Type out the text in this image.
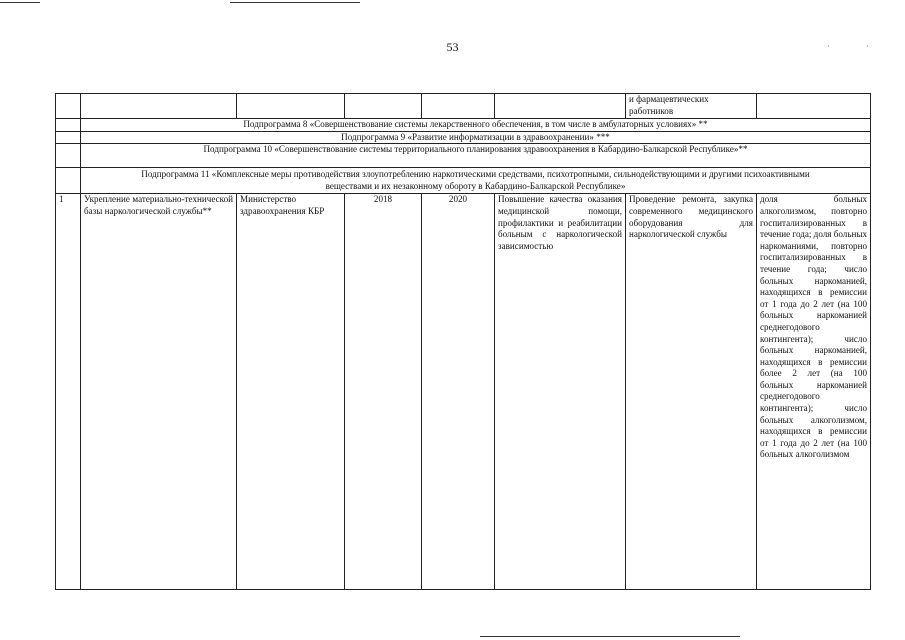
·	·
53

						и фармацевтических работников	

	Подпрограмма 8 «Совершенствование системы лекарственного обеспечения, в том числе в амбулаторных условиях» **						
	Подпрограмма 9 «Развитие информатизации в здравоохранении» ***						
	Подпрограмма 10 «Совершенствование системы территориального планирования здравоохранения в Кабардино-Балкарской Республике»**						
	Подпрограмма 11 «Комплексные меры противодействия злоупотреблению наркотическими средствами, психотропными, сильнодействующими и другими психоактивными веществами и их незаконному обороту в Кабардино-Балкарской Республике»						
1	Укрепление материально-технической базы наркологической службы**	Министерство здравоохранения КБР	2018	2020	Повышение качества оказания медицинской помощи, профилактики и реабилитации больным с наркологической зависимостью	Проведение ремонта, закупка современного медицинского оборудования для наркологической службы	доля больных алкоголизмом, повторно госпитализированных в течение года; доля больных наркоманиями, повторно госпитализированных в течение года; число больных наркоманией, находящихся в ремиссии от 1 года до 2 лет (на 100 больных наркоманией среднегодового контингента); число больных наркоманией, находящихся в ремиссии более 2 лет (на 100 больных наркоманией среднегодового контингента); число больных алкоголизмом, находящихся в ремиссии от 1 года до 2 лет (на 100 больных алкоголизмом
